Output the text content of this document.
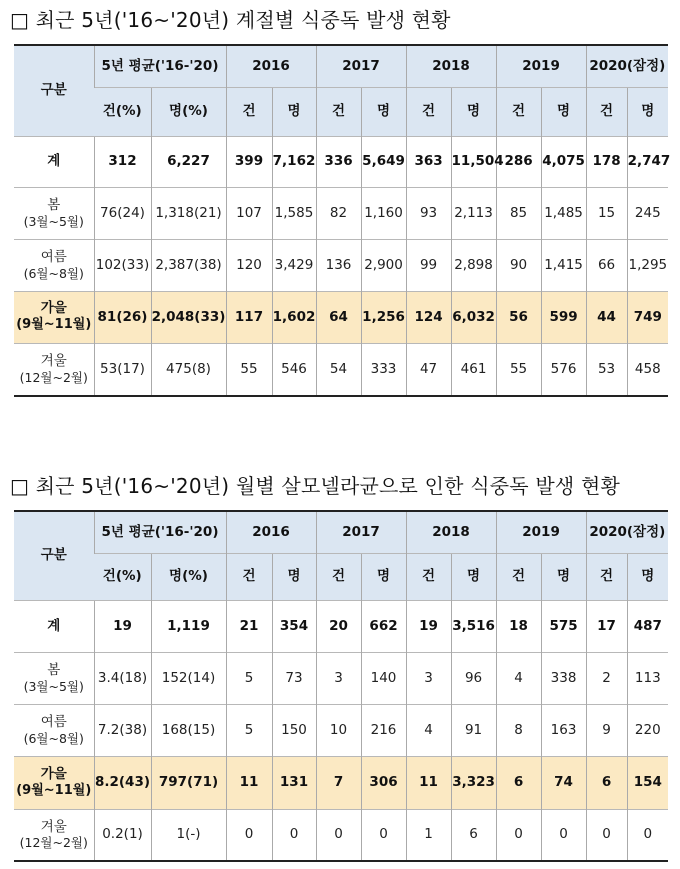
□ 최근 5년('16~'20년) 계절별 식중독 발생 현황
구분	5년 평균('16-'20)		2016		2017		2018		2019		2020(잠정)	
	건(%)	명(%)	건	명	건	명	건	명	건	명	건	명
계	312	6,227	399	7,162	336	5,649	363	11,504	286	4,075	178	2,747
봄
(3월~5월)	76(24)	1,318(21)	107	1,585	82	1,160	93	2,113	85	1,485	15	245
여름
(6월~8월)	102(33)	2,387(38)	120	3,429	136	2,900	99	2,898	90	1,415	66	1,295
가을
(9월~11월)	81(26)	2,048(33)	117	1,602	64	1,256	124	6,032	56	599	44	749
겨울
(12월~2월)	53(17)	475(8)	55	546	54	333	47	461	55	576	53	458
□ 최근 5년('16~'20년) 월별 살모넬라균으로 인한 식중독 발생 현황
구분	5년 평균('16-'20)		2016		2017		2018		2019		2020(잠정)	
	건(%)	명(%)	건	명	건	명	건	명	건	명	건	명
계	19	1,119	21	354	20	662	19	3,516	18	575	17	487
봄
(3월~5월)	3.4(18)	152(14)	5	73	3	140	3	96	4	338	2	113
여름
(6월~8월)	7.2(38)	168(15)	5	150	10	216	4	91	8	163	9	220
가을
(9월~11월)	8.2(43)	797(71)	11	131	7	306	11	3,323	6	74	6	154
겨울
(12월~2월)	0.2(1)	1(-)	0	0	0	0	1	6	0	0	0	0
